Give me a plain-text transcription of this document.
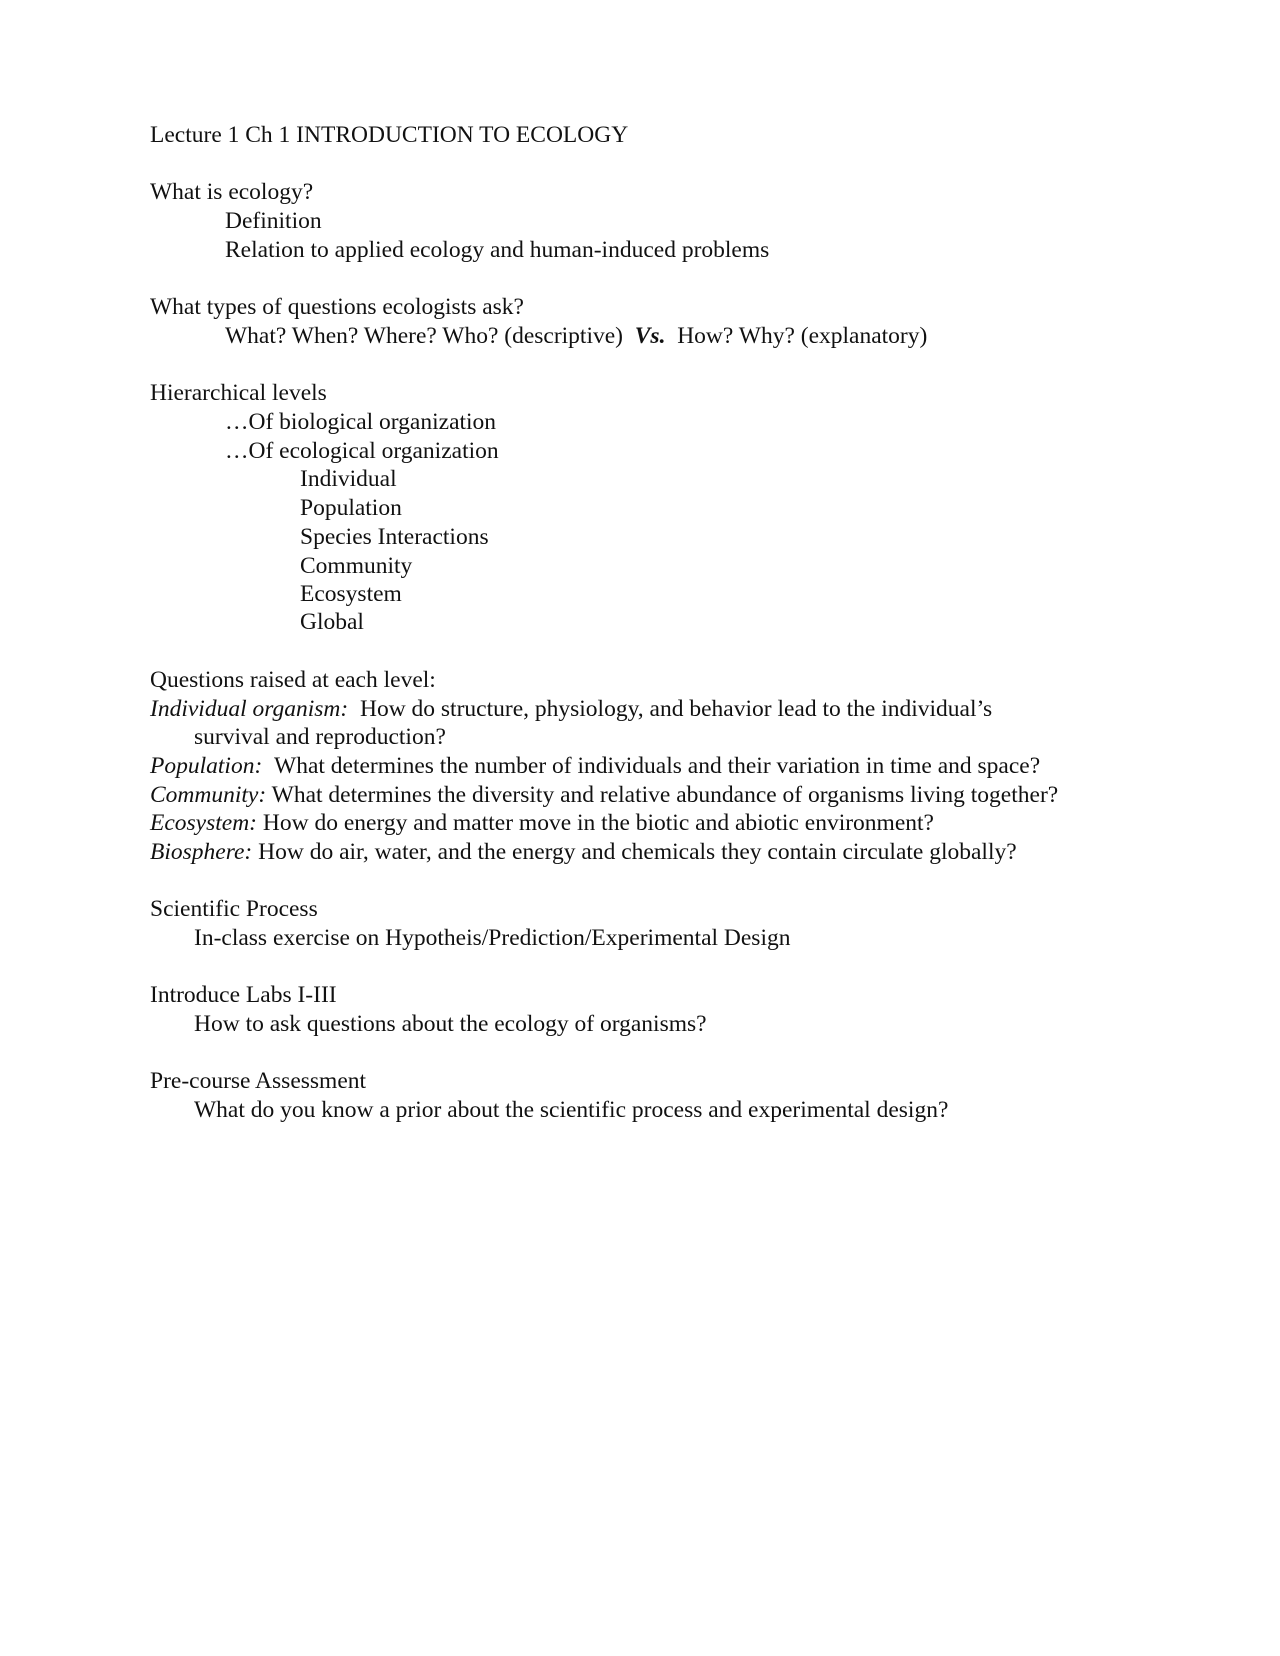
Lecture 1 Ch 1 INTRODUCTION TO ECOLOGY
What is ecology?
Definition
Relation to applied ecology and human-induced problems
What types of questions ecologists ask?
What? When? Where? Who? (descriptive) Vs. How? Why? (explanatory)
Hierarchical levels
…Of biological organization
…Of ecological organization
Individual
Population
Species Interactions
Community
Ecosystem
Global
Questions raised at each level:
Individual organism: How do structure, physiology, and behavior lead to the individual’s
survival and reproduction?
Population: What determines the number of individuals and their variation in time and space?
Community: What determines the diversity and relative abundance of organisms living together?
Ecosystem: How do energy and matter move in the biotic and abiotic environment?
Biosphere: How do air, water, and the energy and chemicals they contain circulate globally?
Scientific Process
In-class exercise on Hypotheis/Prediction/Experimental Design
Introduce Labs I-III
How to ask questions about the ecology of organisms?
Pre-course Assessment
What do you know a prior about the scientific process and experimental design?
